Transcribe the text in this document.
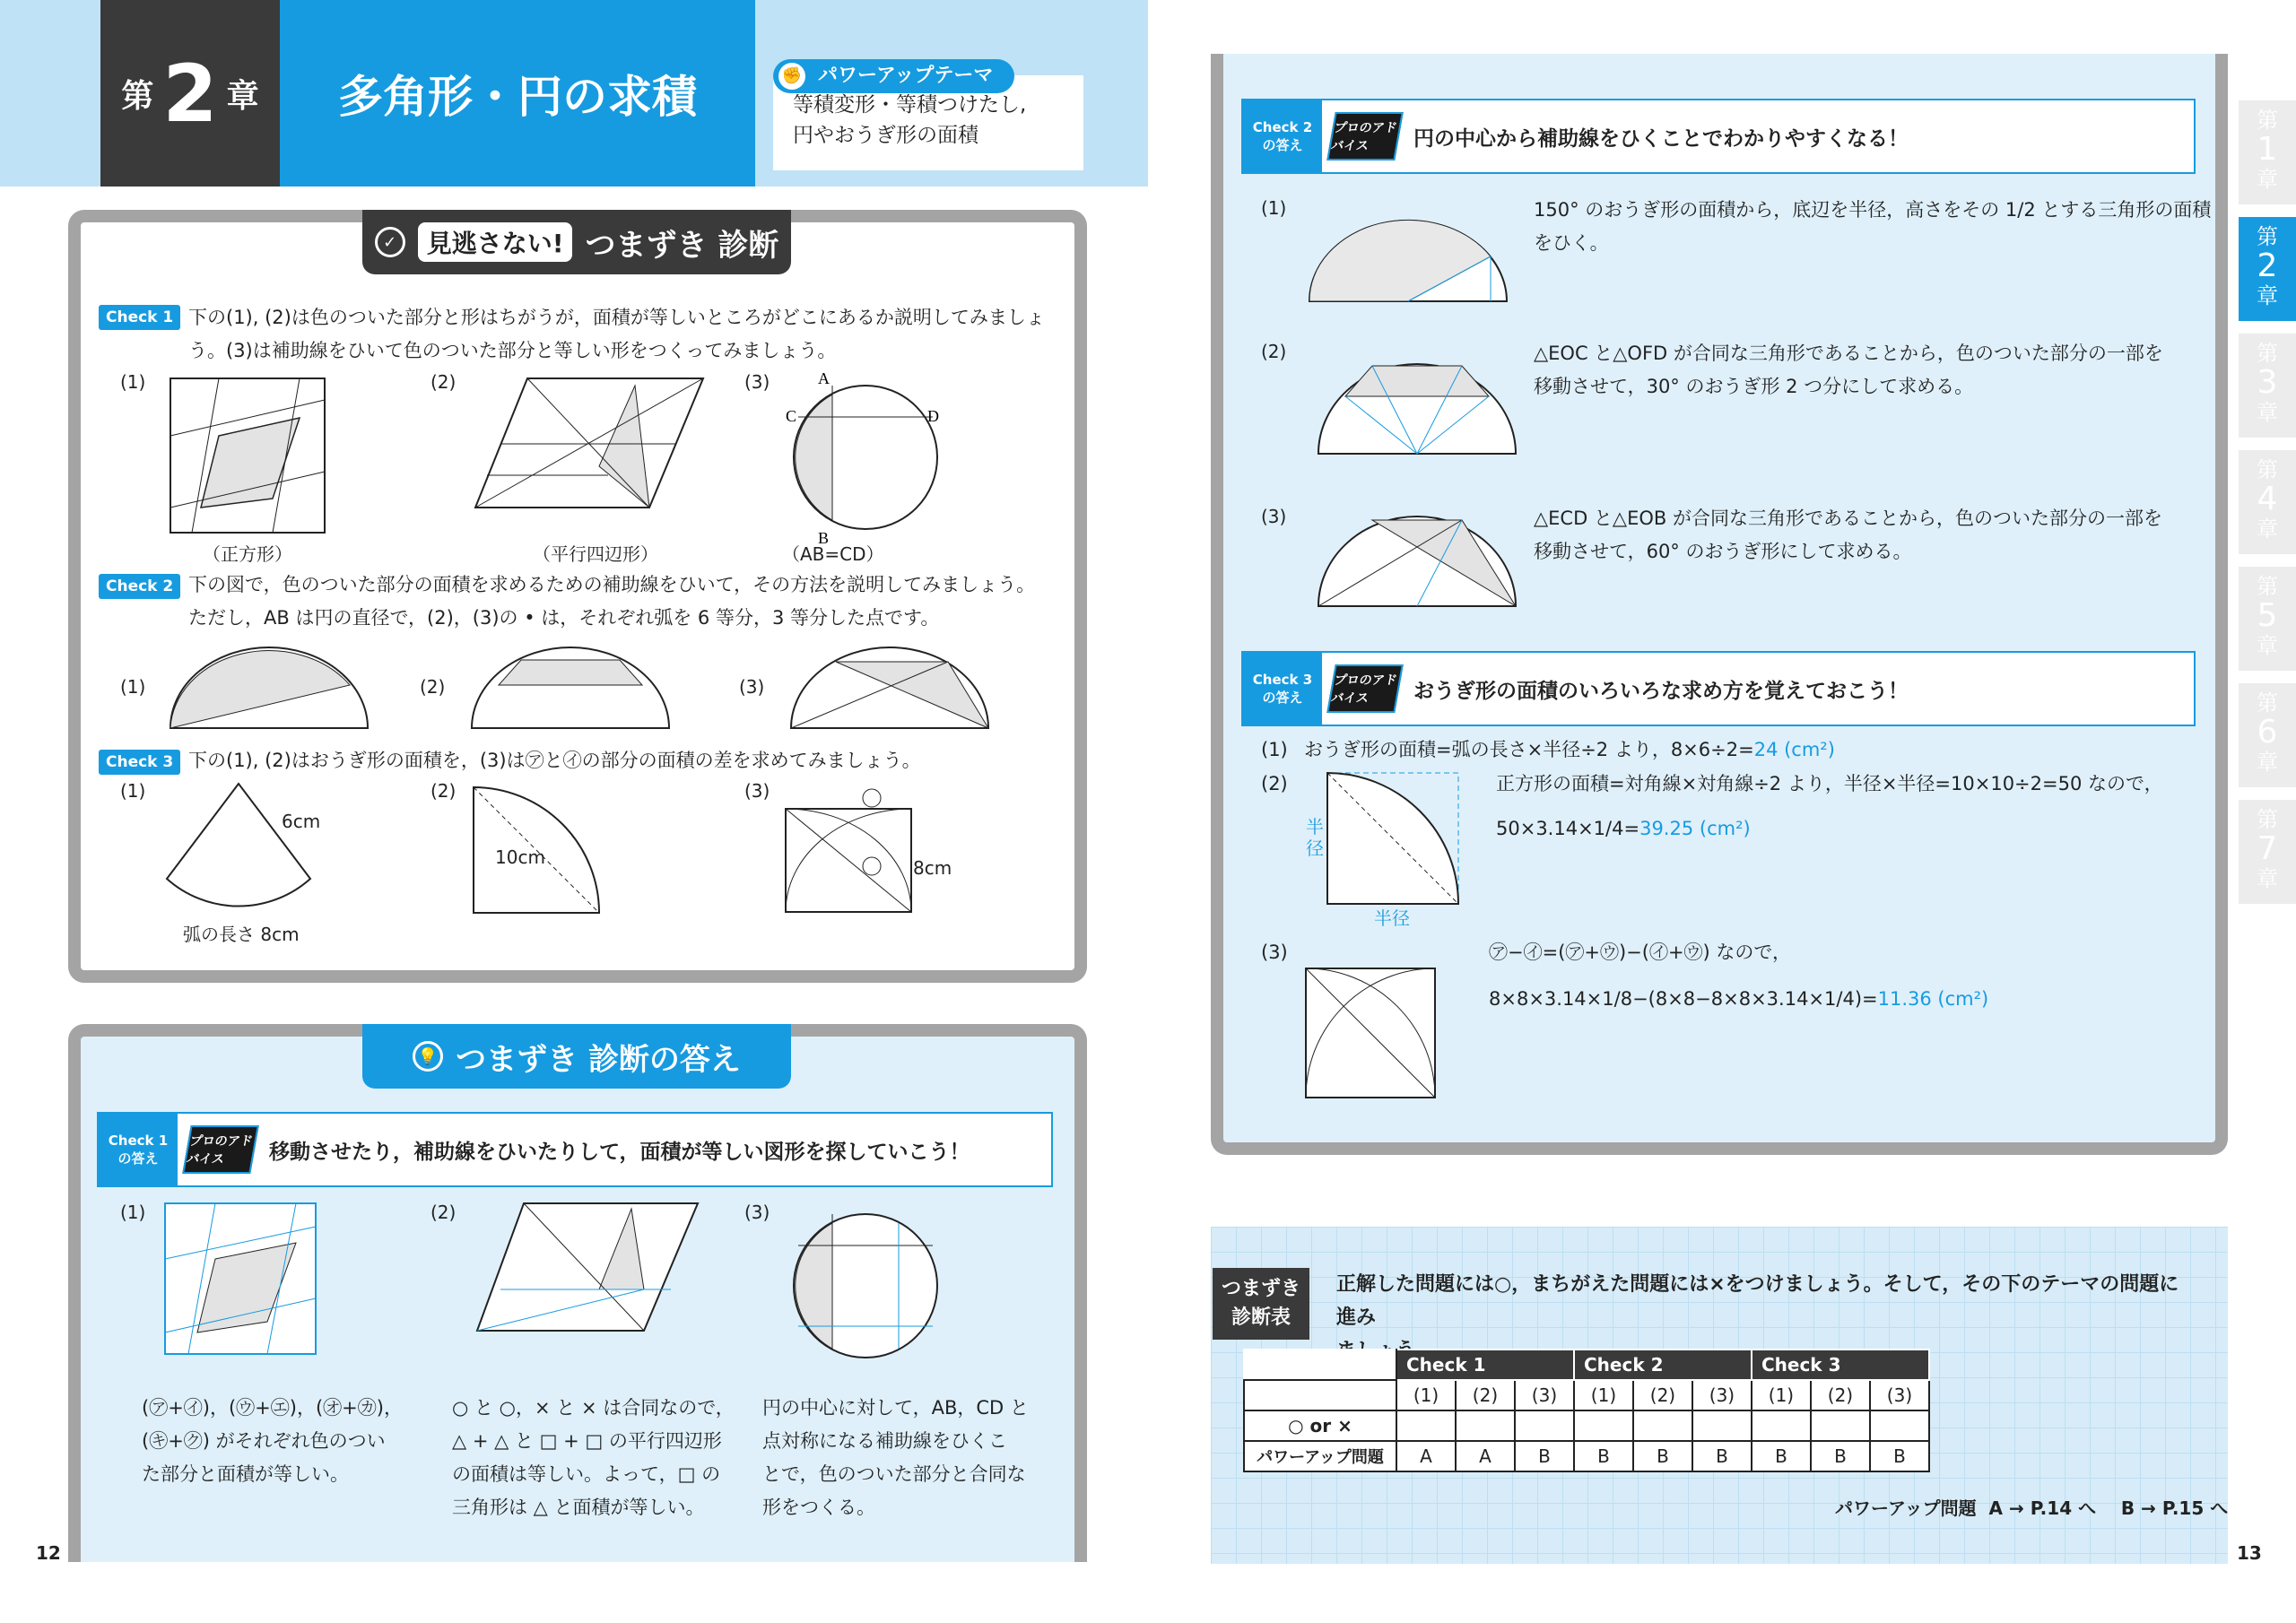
第 2 章	多角形・円の求積	等積変形・等積つけたし,
円やおうぎ形の面積
✊ パワーアップテーマ
✓	見逃さない! つまずき 診断
Check 1 下の(1), (2)は色のついた部分と形はちがうが，面積が等しいところがどこにあるか説明してみましょ
う。(3)は補助線をひいて色のついた部分と等しい形をつくってみましょう。
(1)	(2)	(3)	A
C	D
B
（正方形）	（平行四辺形）	（AB=CD）
Check 2 下の図で，色のついた部分の面積を求めるための補助線をひいて，その方法を説明してみましょう。
ただし，AB は円の直径で，(2)，(3)の • は，それぞれ弧を 6 等分，3 等分した点です。
(1)	(2)	(3)
Check 3 下の(1), (2)はおうぎ形の面積を，(3)は㋐と㋑の部分の面積の差を求めてみましょう。
(1)	(2)	(3)
6cm
弧の長さ 8cm
10cm	8cm
💡 つまずき 診断の答え
Check 1
の答え
プロのアドバイス	移動させたり，補助線をひいたりして，面積が等しい図形を探していこう！
(1)	(2)	(3)
(㋐+㋑)，(㋒+㋓)，(㋔+㋕)，
(㋖+㋗) がそれぞれ色のつい
た部分と面積が等しい。
○ と ○，× と × は合同なので，
△ + △ と □ + □ の平行四辺形
の面積は等しい。よって，□ の
三角形は △ と面積が等しい。
円の中心に対して，AB，CD と
点対称になる補助線をひくこ
とで，色のついた部分と合同な
形をつくる。
12
Check 2
の答え
プロのアドバイス	円の中心から補助線をひくことでわかりやすくなる！
(1)	150° のおうぎ形の面積から，底辺を半径，高さをその 1/2 とする三角形の面積
をひく。
(2)	△EOC と△OFD が合同な三角形であることから，色のついた部分の一部を
移動させて，30° のおうぎ形 2 つ分にして求める。
(3)	△ECD と△EOB が合同な三角形であることから，色のついた部分の一部を
移動させて，60° のおうぎ形にして求める。
Check 3
の答え
プロのアドバイス	おうぎ形の面積のいろいろな求め方を覚えておこう！
(1) おうぎ形の面積=弧の長さ×半径÷2 より，8×6÷2=24 (cm²)
(2)
半径
半径
正方形の面積=対角線×対角線÷2 より，半径×半径=10×10÷2=50 なので，
50×3.14×1/4=39.25 (cm²)
(3)	㋐−㋑=(㋐+㋒)−(㋑+㋒) なので，
8×8×3.14×1/8−(8×8−8×8×3.14×1/4)=11.36 (cm²)
つまずき
診断表
正解した問題には○，まちがえた問題には×をつけましょう。そして，その下のテーマの問題に進み
	Check 1			Check 2			Check 3		
	(1)	(2)	(3)	(1)	(2)	(3)	(1)	(2)	(3)
○ or ×									
パワーアップ問題	A	A	B	B	B	B	B	B	B
パワーアップ問題  A → P.14 へ    B → P.15 へ
13
第
1
章
第
2
章
第
3
章
第
4
章
第
5
章
第
6
章
第
7
章
